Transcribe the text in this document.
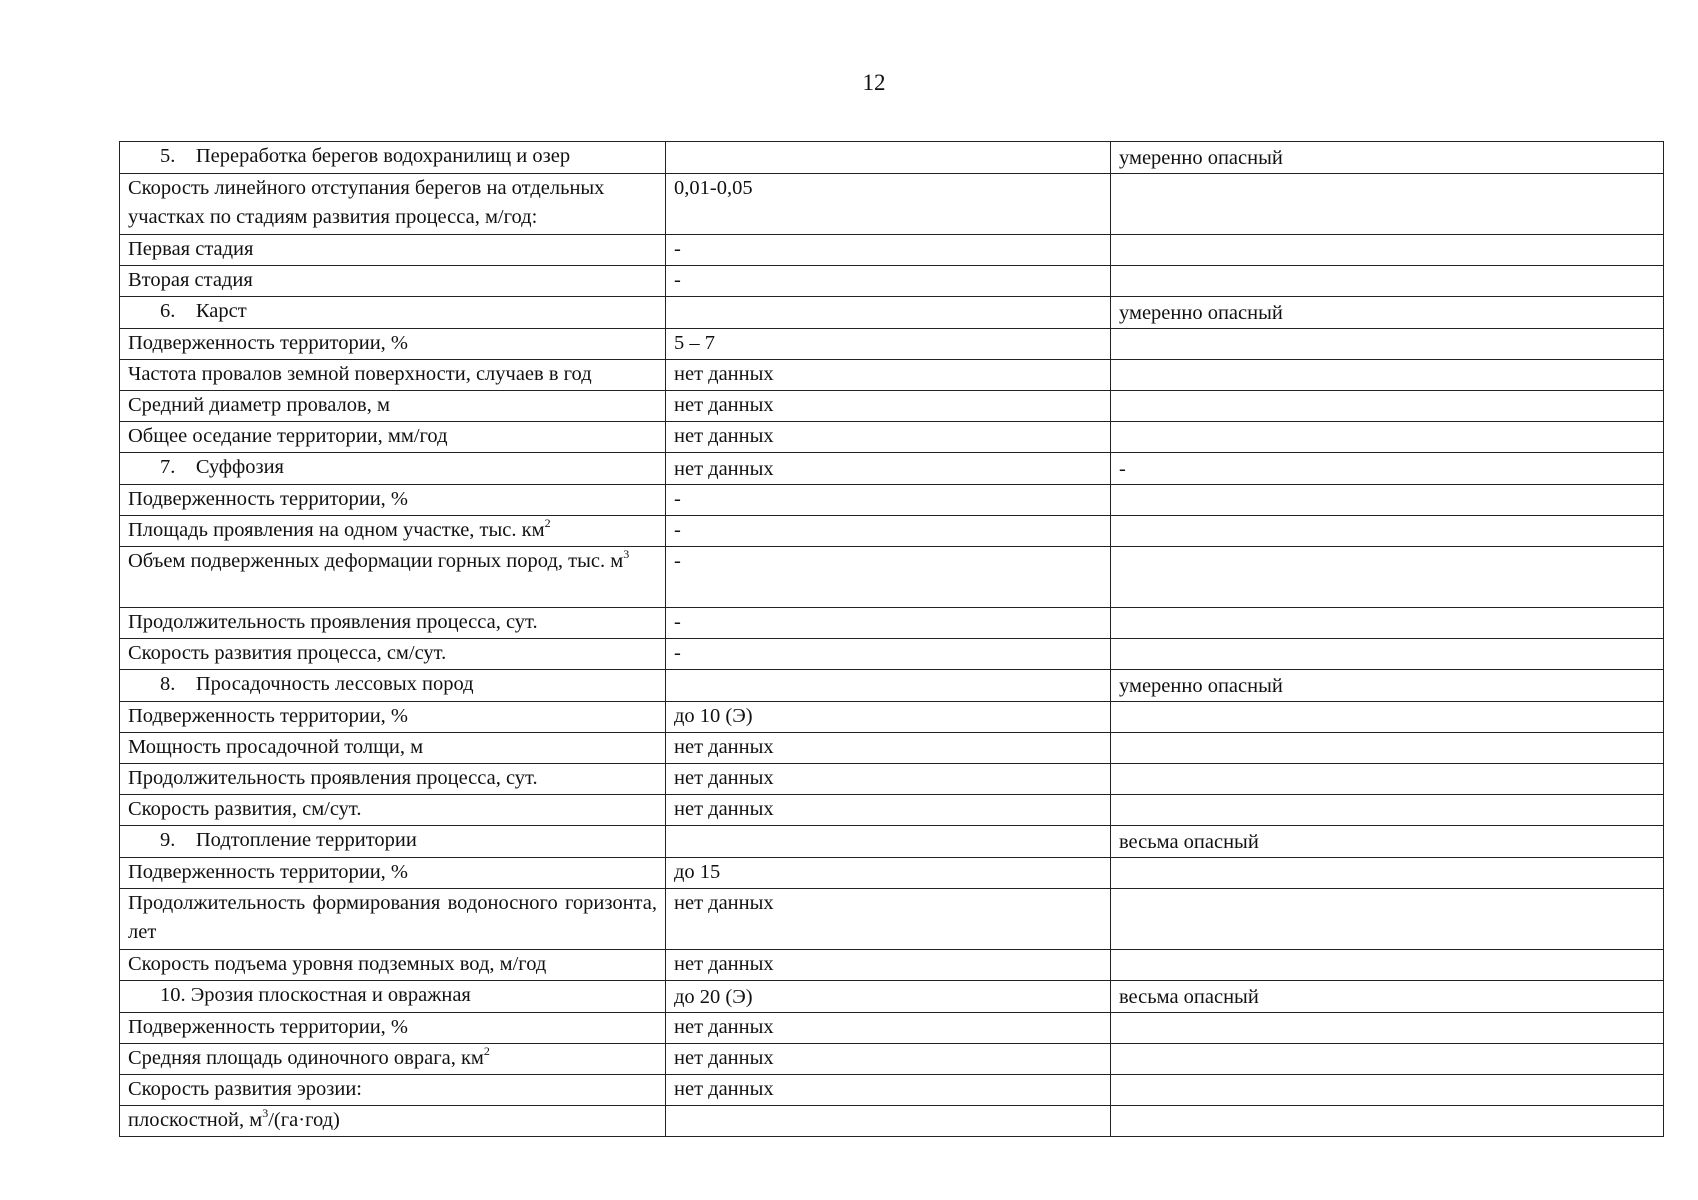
12
5. Переработка берегов водохранилищ и озер		умеренно опасный
Скорость линейного отступания берегов на отдельных участках по стадиям развития процесса, м/год:	0,01-0,05	
Первая стадия	-	
Вторая стадия	-	
6. Карст		умеренно опасный
Подверженность территории, %	5 – 7	
Частота провалов земной поверхности, случаев в год	нет данных	
Средний диаметр провалов, м	нет данных	
Общее оседание территории, мм/год	нет данных	
7. Суффозия	нет данных	-
Подверженность территории, %	-	
Площадь проявления на одном участке, тыс. $км^2$	-	
Объем подверженных деформации горных пород, тыс. $м^3$	-	
Продолжительность проявления процесса, сут.	-	
Скорость развития процесса, см/сут.	-	
8. Просадочность лессовых пород		умеренно опасный
Подверженность территории, %	до 10 (Э)	
Мощность просадочной толщи, м	нет данных	
Продолжительность проявления процесса, сут.	нет данных	
Скорость развития, см/сут.	нет данных	
9. Подтопление территории		весьма опасный
Подверженность территории, %	до 15	
Продолжительность формирования водоносного горизонта, лет	нет данных	
Скорость подъема уровня подземных вод, м/год	нет данных	
10. Эрозия плоскостная и овражная	до 20 (Э)	весьма опасный
Подверженность территории, %	нет данных	
Средняя площадь одиночного оврага, $км^2$	нет данных	
Скорость развития эрозии:	нет данных	
плоскостной, $м^3/(га\cdot год)$		
